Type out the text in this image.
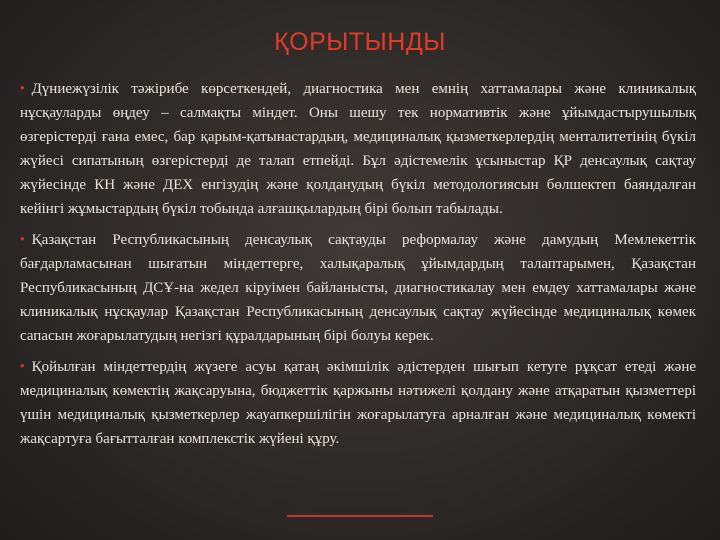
ҚОРЫТЫНДЫ

• Дүниежүзілік тәжірибе көрсеткендей, диагностика мен емнің хаттамалары және клиникалық нұсқауларды өңдеу – салмақты міндет. Оны шешу тек нормативтік және ұйымдастырушылық өзгерістерді ғана емес, бар қарым-қатынастардың, медициналық қызметкерлердің менталитетінің бүкіл жүйесі сипатының өзгерістерді де талап етпейді. Бұл әдістемелік ұсыныстар ҚР денсаулық сақтау жүйесінде КН және ДЕХ енгізудің және қолданудың бүкіл методологиясын бөлшектеп баяндалған кейінгі жұмыстардың бүкіл тобында алғашқылардың бірі болып табылады.

• Қазақстан Республикасының денсаулық сақтауды реформалау және дамудың Мемлекеттік бағдарламасынан шығатын міндеттерге, халықаралық ұйымдардың талаптарымен, Қазақстан Республикасының ДСҰ-на жедел кіруімен байланысты, диагностикалау мен емдеу хаттамалары және клиникалық нұсқаулар Қазақстан Республикасының денсаулық сақтау жүйесінде медициналық көмек сапасын жоғарылатудың негізгі құралдарының бірі болуы керек.

• Қойылған міндеттердің жүзеге асуы қатаң әкімшілік әдістерден шығып кетуге рұқсат етеді және медициналық көмектің жақсаруына, бюджеттік қаржыны нәтижелі қолдану және атқаратын қызметтері үшін медициналық қызметкерлер жауапкершілігін жоғарылатуға арналған және медициналық көмекті жақсартуға бағытталған комплекстік жүйені құру.
